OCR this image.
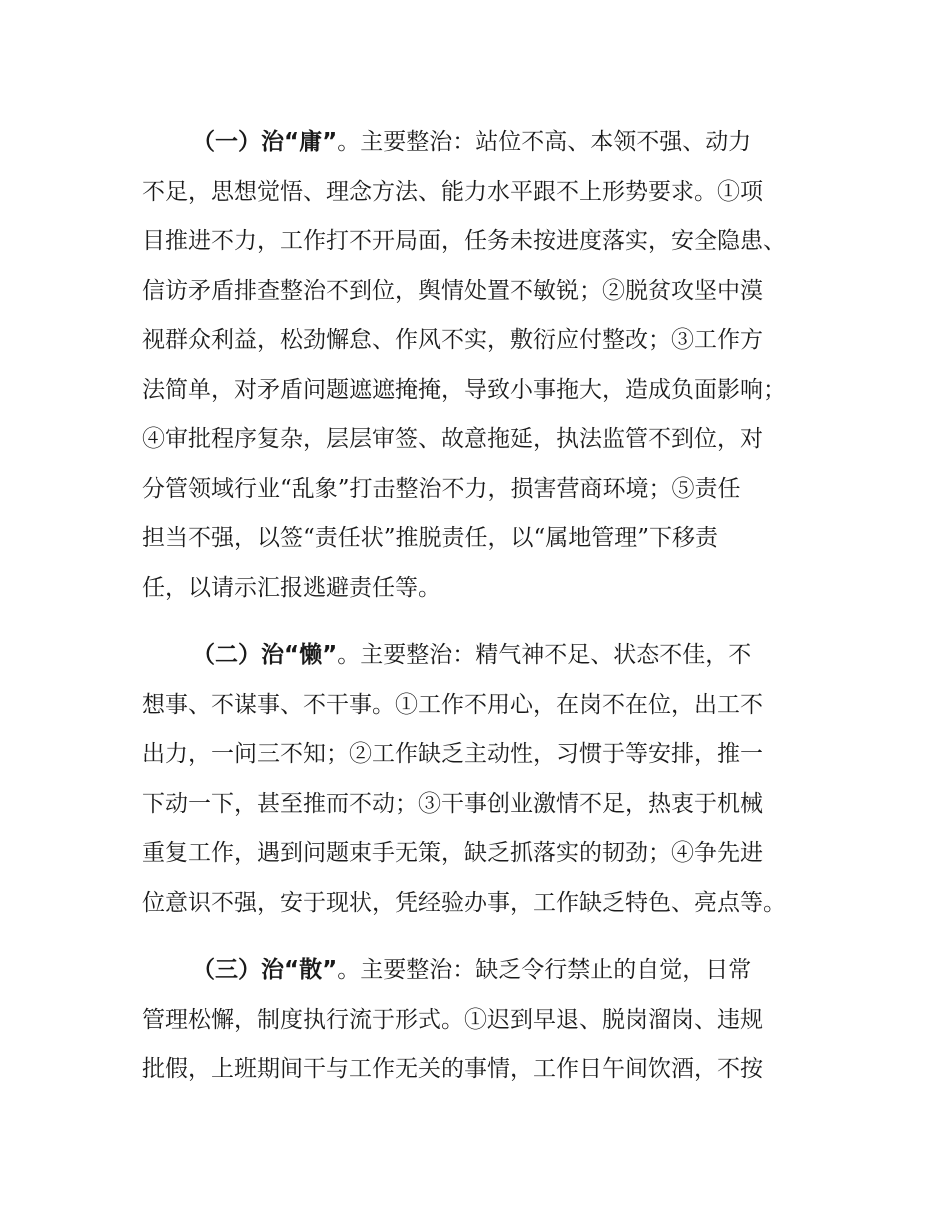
（一）治“庸”。主要整治：站位不高、本领不强、动力
不足，思想觉悟、理念方法、能力水平跟不上形势要求。①项
目推进不力，工作打不开局面，任务未按进度落实，安全隐患、
信访矛盾排查整治不到位，舆情处置不敏锐；②脱贫攻坚中漠
视群众利益，松劲懈怠、作风不实，敷衍应付整改；③工作方
法简单，对矛盾问题遮遮掩掩，导致小事拖大，造成负面影响；
④审批程序复杂，层层审签、故意拖延，执法监管不到位，对
分管领域行业“乱象”打击整治不力，损害营商环境；⑤责任
担当不强，以签“责任状”推脱责任，以“属地管理”下移责
任，以请示汇报逃避责任等。
（二）治“懒”。主要整治：精气神不足、状态不佳，不
想事、不谋事、不干事。①工作不用心，在岗不在位，出工不
出力，一问三不知；②工作缺乏主动性，习惯于等安排，推一
下动一下，甚至推而不动；③干事创业激情不足，热衷于机械
重复工作，遇到问题束手无策，缺乏抓落实的韧劲；④争先进
位意识不强，安于现状，凭经验办事，工作缺乏特色、亮点等。
（三）治“散”。主要整治：缺乏令行禁止的自觉，日常
管理松懈，制度执行流于形式。①迟到早退、脱岗溜岗、违规
批假，上班期间干与工作无关的事情，工作日午间饮酒，不按
